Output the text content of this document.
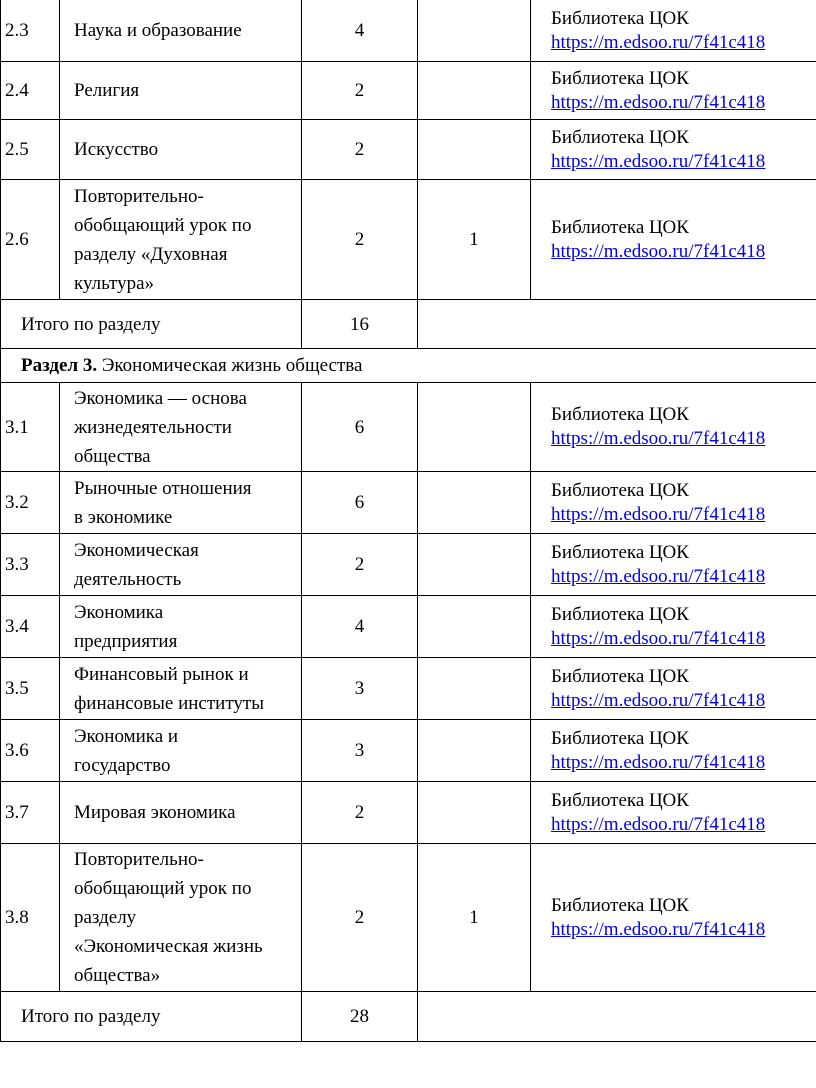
2.3	Наука и образование	4		Библиотека ЦОК
https://m.edsoo.ru/7f41c418

2.4	Религия	2		Библиотека ЦОК
https://m.edsoo.ru/7f41c418

2.5	Искусство	2		Библиотека ЦОК
https://m.edsoo.ru/7f41c418

2.6	Повторительно-
обобщающий урок по
разделу «Духовная
культура»	2	1	Библиотека ЦОК
https://m.edsoo.ru/7f41c418

Итого по разделу		16		
Раздел 3. Экономическая жизнь общества				
3.1	Экономика — основа
жизнедеятельности
общества	6		Библиотека ЦОК
https://m.edsoo.ru/7f41c418

3.2	Рыночные отношения
в экономике	6		Библиотека ЦОК
https://m.edsoo.ru/7f41c418

3.3	Экономическая
деятельность	2		Библиотека ЦОК
https://m.edsoo.ru/7f41c418

3.4	Экономика
предприятия	4		Библиотека ЦОК
https://m.edsoo.ru/7f41c418

3.5	Финансовый рынок и
финансовые институты	3		Библиотека ЦОК
https://m.edsoo.ru/7f41c418

3.6	Экономика и
государство	3		Библиотека ЦОК
https://m.edsoo.ru/7f41c418

3.7	Мировая экономика	2		Библиотека ЦОК
https://m.edsoo.ru/7f41c418

3.8	Повторительно-
обобщающий урок по
разделу
«Экономическая жизнь
общества»	2	1	Библиотека ЦОК
https://m.edsoo.ru/7f41c418

Итого по разделу		28		
